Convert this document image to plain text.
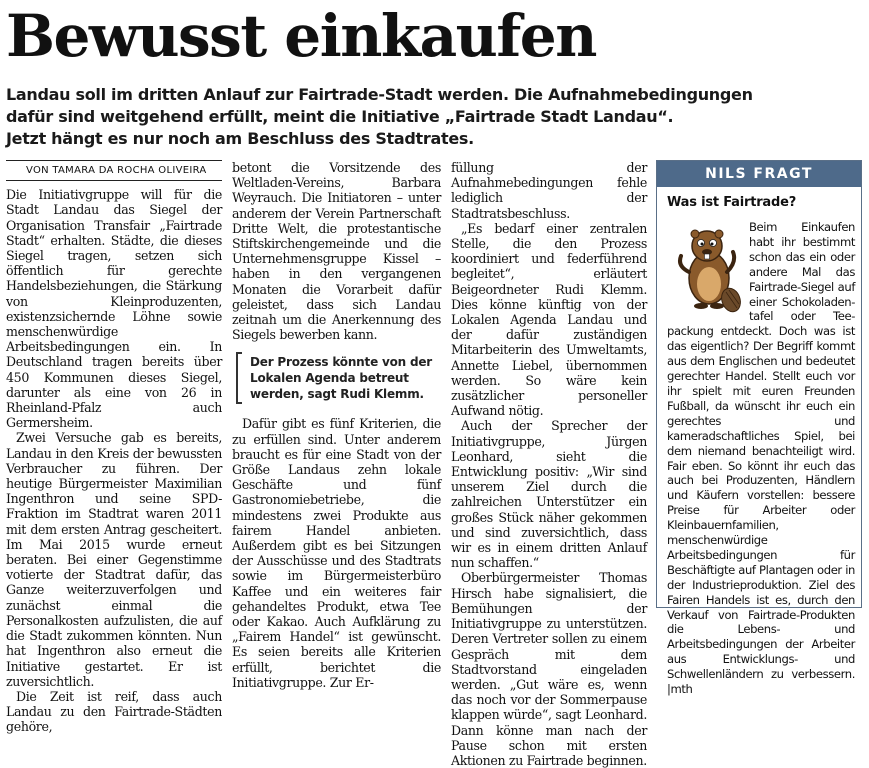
Bewusst einkaufen
Landau soll im dritten Anlauf zur Fairtrade-Stadt werden. Die Aufnahmebedingungen
dafür sind weitgehend erfüllt, meint die Initiative „Fairtrade Stadt Landau“.
Jetzt hängt es nur noch am Beschluss des Stadtrates.

VON TAMARA DA ROCHA OLIVEIRA

Die Initiativgruppe will für die Stadt Landau das Siegel der Organisation Transfair „Fairtrade Stadt“ erhalten. Städte, die dieses Siegel tragen, setzen sich öffentlich für gerechte Handelsbeziehungen, die Stärkung von Kleinproduzenten, existenzsichernde Löhne sowie menschenwürdige Arbeitsbedingungen ein. In Deutschland tragen bereits über 450 Kommunen dieses Siegel, darunter als eine von 26 in Rheinland-Pfalz auch Germersheim.

Zwei Versuche gab es bereits, Landau in den Kreis der bewussten Verbraucher zu führen. Der heutige Bürgermeister Maximilian Ingenthron und seine SPD-Fraktion im Stadtrat waren 2011 mit dem ersten Antrag gescheitert. Im Mai 2015 wurde erneut beraten. Bei einer Gegenstimme votierte der Stadtrat dafür, das Ganze weiterzuverfolgen und zunächst einmal die Personalkosten aufzulisten, die auf die Stadt zukommen könnten. Nun hat Ingenthron also erneut die Initiative gestartet. Er ist zuversichtlich.

Die Zeit ist reif, dass auch Landau zu den Fairtrade-Städten gehöre,

betont die Vorsitzende des Weltladen-Vereins, Barbara Weyrauch. Die Initiatoren – unter anderem der Verein Partnerschaft Dritte Welt, die protestantische Stiftskirchengemeinde und die Unternehmensgruppe Kissel – haben in den vergangenen Monaten die Vorarbeit dafür geleistet, dass sich Landau zeitnah um die Anerkennung des Siegels bewerben kann.

Der Prozess könnte von der Lokalen Agenda betreut werden, sagt Rudi Klemm.

Dafür gibt es fünf Kriterien, die zu erfüllen sind. Unter anderem braucht es für eine Stadt von der Größe Landaus zehn lokale Geschäfte und fünf Gastronomiebetriebe, die mindestens zwei Produkte aus fairem Handel anbieten. Außerdem gibt es bei Sitzungen der Ausschüsse und des Stadtrats sowie im Bürgermeisterbüro Kaffee und ein weiteres fair gehandeltes Produkt, etwa Tee oder Kakao. Auch Aufklärung zu „Fairem Handel“ ist gewünscht. Es seien bereits alle Kriterien erfüllt, berichtet die Initiativgruppe. Zur Er-

füllung der Aufnahmebedingungen fehle lediglich der Stadtratsbeschluss.

„Es bedarf einer zentralen Stelle, die den Prozess koordiniert und federführend begleitet“, erläutert Beigeordneter Rudi Klemm. Dies könne künftig von der Lokalen Agenda Landau und der dafür zuständigen Mitarbeiterin des Umweltamts, Annette Liebel, übernommen werden. So wäre kein zusätzlicher personeller Aufwand nötig.

Auch der Sprecher der Initiativgruppe, Jürgen Leonhard, sieht die Entwicklung positiv: „Wir sind unserem Ziel durch die zahlreichen Unterstützer ein großes Stück näher gekommen und sind zuversichtlich, dass wir es in einem dritten Anlauf nun schaffen.“

Oberbürgermeister Thomas Hirsch habe signalisiert, die Bemühungen der Initiativgruppe zu unterstützen. Deren Vertreter sollen zu einem Gespräch mit dem Stadtvorstand eingeladen werden. „Gut wäre es, wenn das noch vor der Sommerpause klappen würde“, sagt Leonhard. Dann könne man nach der Pause schon mit ersten Aktionen zu Fairtrade beginnen.

NILS FRAGT
Was ist Fairtrade?
Beim Einkaufen
habt ihr bestimmt
schon das ein oder
andere Mal das
Fairtrade-Siegel auf
einer Schokoladen-
tafel oder Tee-

packung entdeckt. Doch was ist das eigentlich? Der Begriff kommt aus dem Englischen und bedeutet gerechter Handel. Stellt euch vor ihr spielt mit euren Freunden Fußball, da wünscht ihr euch ein gerechtes und kameradschaftliches Spiel, bei dem niemand benachteiligt wird. Fair eben. So könnt ihr euch das auch bei Produzenten, Händlern und Käufern vorstellen: bessere Preise für Arbeiter oder Kleinbauernfamilien, menschenwürdige Arbeitsbedingungen für Beschäftigte auf Plantagen oder in der Industrieproduktion. Ziel des Fairen Handels ist es, durch den Verkauf von Fairtrade-Produkten die Lebens- und Arbeitsbedingungen der Arbeiter aus Entwicklungs- und Schwellenländern zu verbessern. |mth
